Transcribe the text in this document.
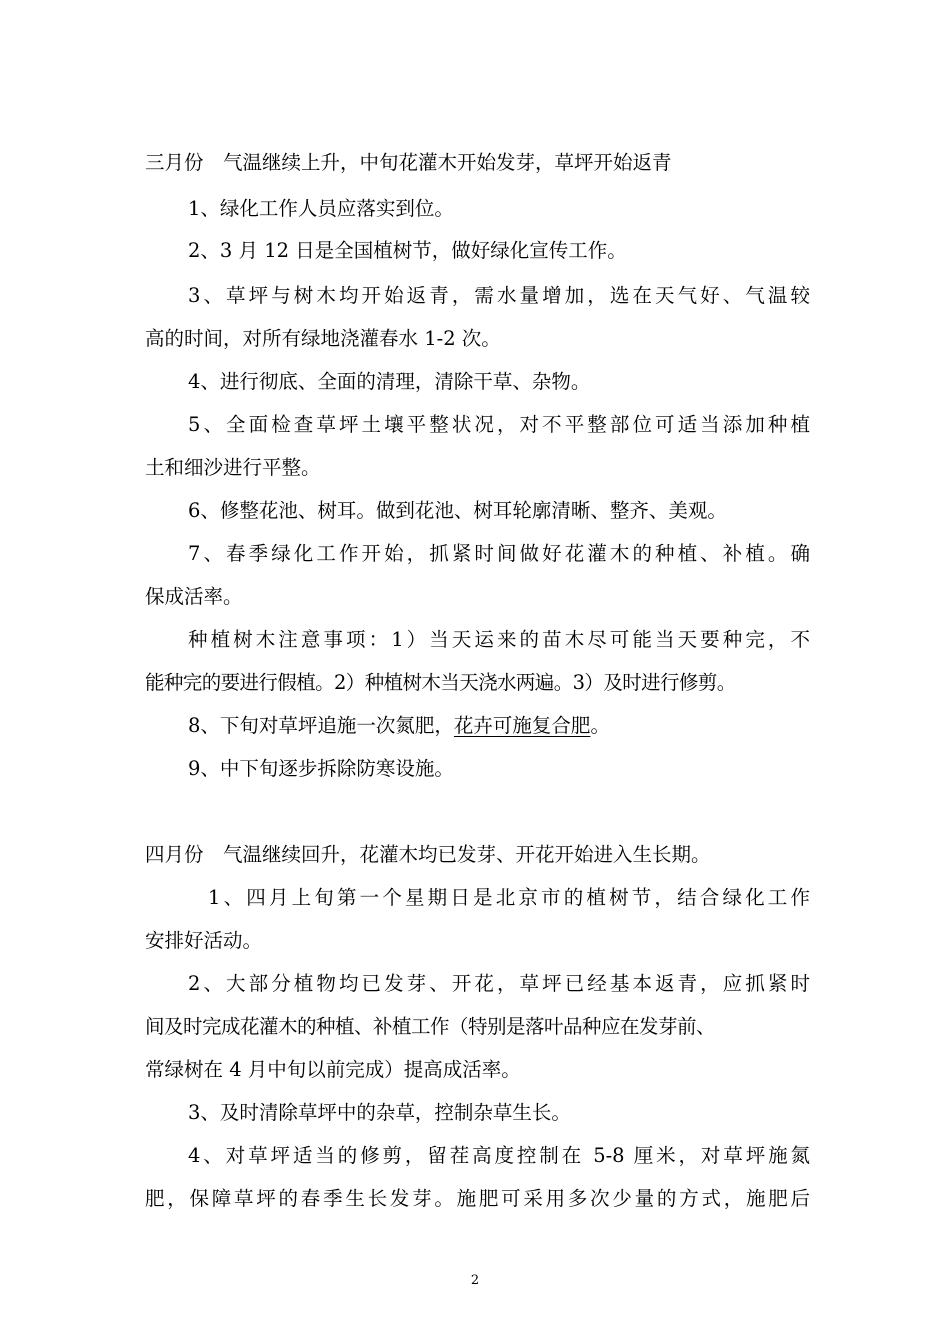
三月份　气温继续上升，中旬花灌木开始发芽，草坪开始返青
1、绿化工作人员应落实到位。
2、3 月 12 日是全国植树节，做好绿化宣传工作。
3、草坪与树木均开始返青，需水量增加，选在天气好、气温较
高的时间，对所有绿地浇灌春水 1-2 次。
4、进行彻底、全面的清理，清除干草、杂物。
5、全面检查草坪土壤平整状况，对不平整部位可适当添加种植
土和细沙进行平整。
6、修整花池、树耳。做到花池、树耳轮廓清晰、整齐、美观。
7、春季绿化工作开始，抓紧时间做好花灌木的种植、补植。确
保成活率。
种植树木注意事项：1）当天运来的苗木尽可能当天要种完，不
能种完的要进行假植。2）种植树木当天浇水两遍。3）及时进行修剪。
8、下旬对草坪追施一次氮肥，花卉可施复合肥。
9、中下旬逐步拆除防寒设施。
四月份　气温继续回升，花灌木均已发芽、开花开始进入生长期。
1、四月上旬第一个星期日是北京市的植树节，结合绿化工作
安排好活动。
2、大部分植物均已发芽、开花，草坪已经基本返青，应抓紧时
间及时完成花灌木的种植、补植工作（特别是落叶品种应在发芽前、
常绿树在 4 月中旬以前完成）提高成活率。
3、及时清除草坪中的杂草，控制杂草生长。
4、对草坪适当的修剪，留茬高度控制在 5-8 厘米，对草坪施氮
肥，保障草坪的春季生长发芽。施肥可采用多次少量的方式，施肥后
2
